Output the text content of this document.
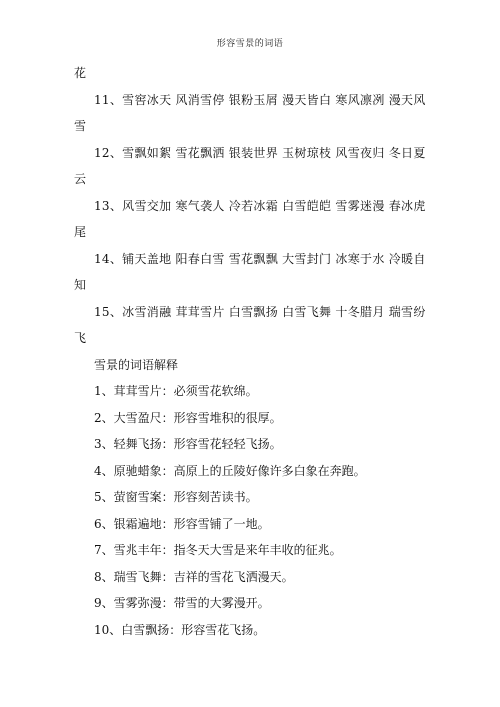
形容雪景的词语
花
11、雪窖冰天 风消雪停 银粉玉屑 漫天皆白 寒风凛冽 漫天风
雪
12、雪飘如絮 雪花飘洒 银装世界 玉树琼枝 风雪夜归 冬日夏
云
13、风雪交加 寒气袭人 冷若冰霜 白雪皑皑 雪雾迷漫 春冰虎
尾
14、铺天盖地 阳春白雪 雪花飘飘 大雪封门 冰寒于水 冷暖自
知
15、冰雪消融 茸茸雪片 白雪飘扬 白雪飞舞 十冬腊月 瑞雪纷
飞
雪景的词语解释
1、茸茸雪片：必须雪花软绵。
2、大雪盈尺：形容雪堆积的很厚。
3、轻舞飞扬：形容雪花轻轻飞扬。
4、原驰蜡象：高原上的丘陵好像许多白象在奔跑。
5、萤窗雪案：形容刻苦读书。
6、银霜遍地：形容雪铺了一地。
7、雪兆丰年：指冬天大雪是来年丰收的征兆。
8、瑞雪飞舞：吉祥的雪花飞洒漫天。
9、雪雾弥漫：带雪的大雾漫开。
10、白雪飘扬：形容雪花飞扬。
